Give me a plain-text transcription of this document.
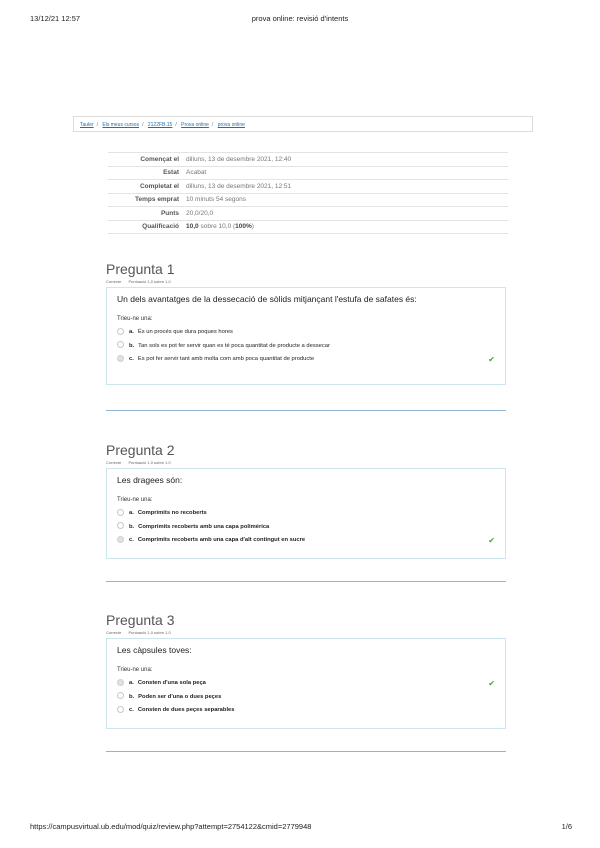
13/12/21 12:57	prova online: revisió d'intents
Tauler / Els meus cursos / 2122FB.15 / Prova online / prova online
Començat el	dilluns, 13 de desembre 2021, 12:40
Estat	Acabat
Completat el	dilluns, 13 de desembre 2021, 12:51
Temps emprat	10 minuts 54 segons
Punts	20,0/20,0
Qualificació	10,0 sobre 10,0 (100%)
Pregunta 1
Correcte Puntuació 1,0 sobre 1,0
Un dels avantatges de la dessecació de sòlids mitjançant l'estufa de safates és:
Trieu-ne una:
a. És un procés que dura poques hores
b. Tan sols es pot fer servir quan es té poca quantitat de producte a dessecar
c. Es pot fer servir tant amb molta com amb poca quantitat de producte	✔
Pregunta 2
Correcte Puntuació 1,0 sobre 1,0
Les dragees són:
Trieu-ne una:
a. Comprimits no recoberts
b. Comprimits recoberts amb una capa polimèrica
c. Comprimits recoberts amb una capa d'alt contingut en sucre	✔
Pregunta 3
Correcte Puntuació 1,0 sobre 1,0
Les càpsules toves:
Trieu-ne una:
a. Consten d'una sola peça	✔
b. Poden ser d'una o dues peçes
c. Consten de dues peçes separables
https://campusvirtual.ub.edu/mod/quiz/review.php?attempt=2754122&cmid=2779948	1/6
